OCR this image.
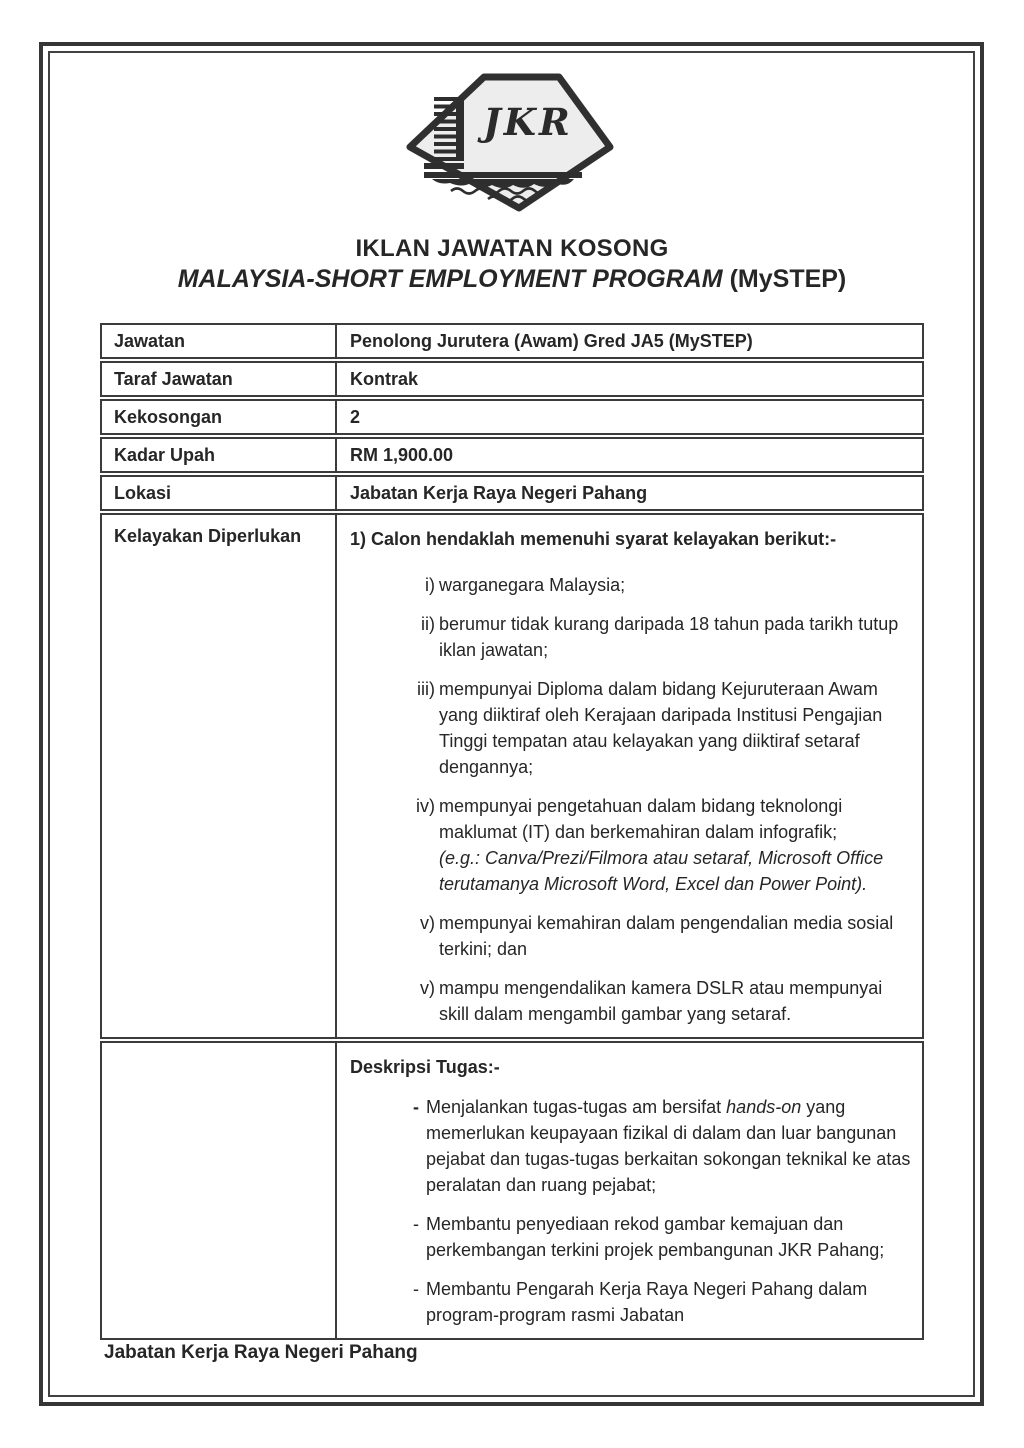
JKR
IKLAN JAWATAN KOSONG
MALAYSIA-SHORT EMPLOYMENT PROGRAM (MySTEP)
Jawatan	Penolong Jurutera (Awam) Gred JA5 (MySTEP)
Taraf Jawatan	Kontrak
Kekosongan	2
Kadar Upah	RM 1,900.00
Lokasi	Jabatan Kerja Raya Negeri Pahang
Kelayakan Diperlukan	1) Calon hendaklah memenuhi syarat kelayakan berikut:-
i) warganegara Malaysia;
ii) berumur tidak kurang daripada 18 tahun pada tarikh tutup iklan jawatan;
iii) mempunyai Diploma dalam bidang Kejuruteraan Awam yang diiktiraf oleh Kerajaan daripada Institusi Pengajian Tinggi tempatan atau kelayakan yang diiktiraf setaraf dengannya;
iv) mempunyai pengetahuan dalam bidang teknolongi maklumat (IT) dan berkemahiran dalam infografik;
(e.g.: Canva/Prezi/Filmora atau setaraf, Microsoft Office terutamanya Microsoft Word, Excel dan Power Point).
v) mempunyai kemahiran dalam pengendalian media sosial terkini; dan
v) mampu mengendalikan kamera DSLR atau mempunyai skill dalam mengambil gambar yang setaraf.
Deskripsi Tugas:-
- Menjalankan tugas-tugas am bersifat hands-on yang memerlukan keupayaan fizikal di dalam dan luar bangunan pejabat dan tugas-tugas berkaitan sokongan teknikal ke atas peralatan dan ruang pejabat;
- Membantu penyediaan rekod gambar kemajuan dan perkembangan terkini projek pembangunan JKR Pahang;
- Membantu Pengarah Kerja Raya Negeri Pahang dalam program-program rasmi Jabatan
Jabatan Kerja Raya Negeri Pahang
